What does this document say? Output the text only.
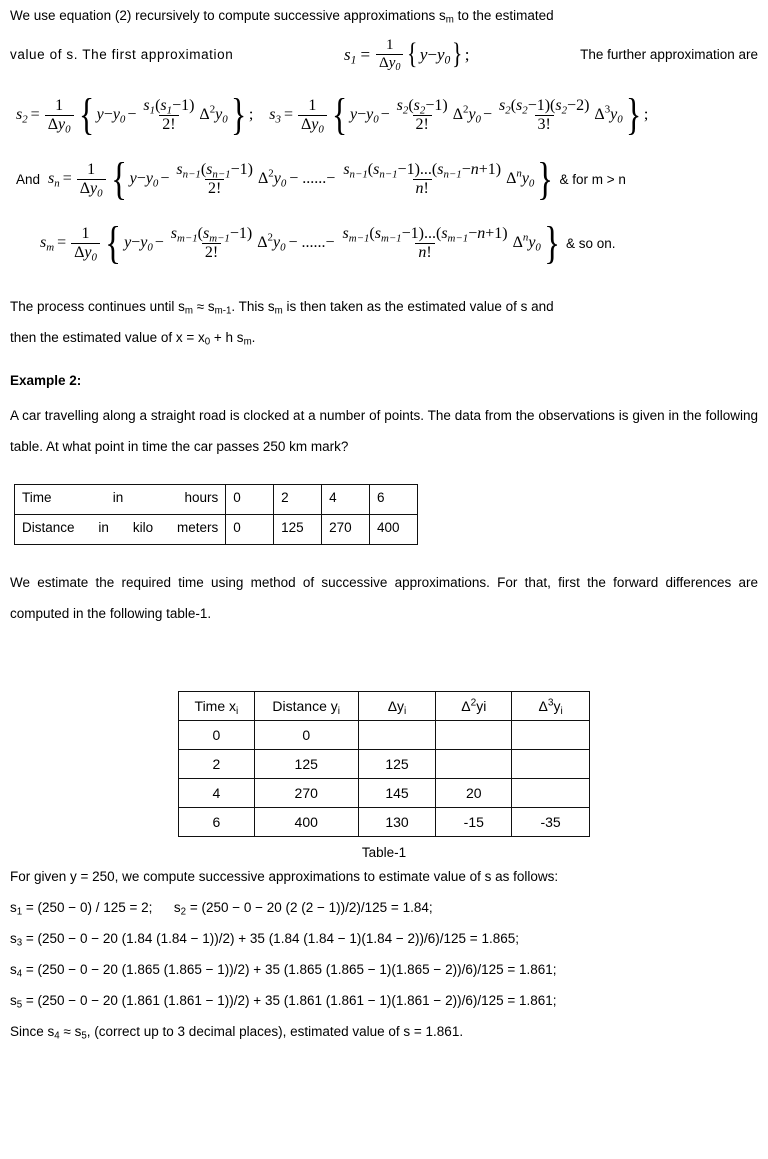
We use equation (2) recursively to compute successive approximations $s_m$ to the estimated

value of s. The first approximation	$s_1 = \frac{1}{\Delta y_0}$ { $y-y_0$ } ;	The further approximation are
$s_2 = \frac{1}{\Delta y_0}$ { $y-y_0 - \frac{s_1(s_1-1)}{2!} \Delta^2y_0$ } ; $s_3 = \frac{1}{\Delta y_0}$ { $y-y_0 - \frac{s_2(s_2-1)}{2!} \Delta^2y_0 - \frac{s_2(s_2-1)(s_2-2)}{3!} \Delta^3y_0$ } ;
And $s_n = \frac{1}{\Delta y_0}$ { $y-y_0 - \frac{s_{n-1}(s_{n-1}-1)}{2!} \Delta^2y_0$ − ......− $\frac{s_{n-1}(s_{n-1}-1)...(s_{n-1}-n+1)}{n!} \Delta^ny_0$ } & for m > n
$s_m = \frac{1}{\Delta y_0}$ { $y-y_0 - \frac{s_{m-1}(s_{m-1}-1)}{2!} \Delta^2y_0$ − ......− $\frac{s_{m-1}(s_{m-1}-1)...(s_{m-1}-n+1)}{n!} \Delta^ny_0$ } & so on.

The process continues until $s_m \approx s_{m-1}$. This $s_m$ is then taken as the estimated value of s and
then the estimated value of $x = x_0 + h$ $s_m$.

Example 2:

A car travelling along a straight road is clocked at a number of points. The data from the observations is given in the following table. At what point in time the car passes 250 km mark?

Time in hours	0	2	4	6
Distance in kilo meters	0	125	270	400

We estimate the required time using method of successive approximations. For that, first the forward differences are computed in the following table-1.

Time $x_i$	Distance $y_i$	$\Delta y_i$	$\Delta^2yi$	$\Delta^3y_i$
0	0			
2	125	125		
4	270	145	20	
6	400	130	-15	-35
Table-1

For given y = 250, we compute successive approximations to estimate value of s as follows:

$s_1 = (250 - 0) / 125 = 2$; $s_2 = (250 - 0 - 20$ (2 (2 − 1))/2)/125 = 1.84;
$s_3 = (250 - 0 - 20$ (1.84 (1.84 − 1))/2) + 35 (1.84 (1.84 − 1)(1.84 − 2))/6)/125 = 1.865;
$s_4 = (250 - 0 - 20$ (1.865 (1.865 − 1))/2) + 35 (1.865 (1.865 − 1)(1.865 − 2))/6)/125 = 1.861;
$s_5 = (250 - 0 - 20$ (1.861 (1.861 − 1))/2) + 35 (1.861 (1.861 − 1)(1.861 − 2))/6)/125 = 1.861;
Since $s_4 \approx s_5$, (correct up to 3 decimal places), estimated value of s = 1.861.
